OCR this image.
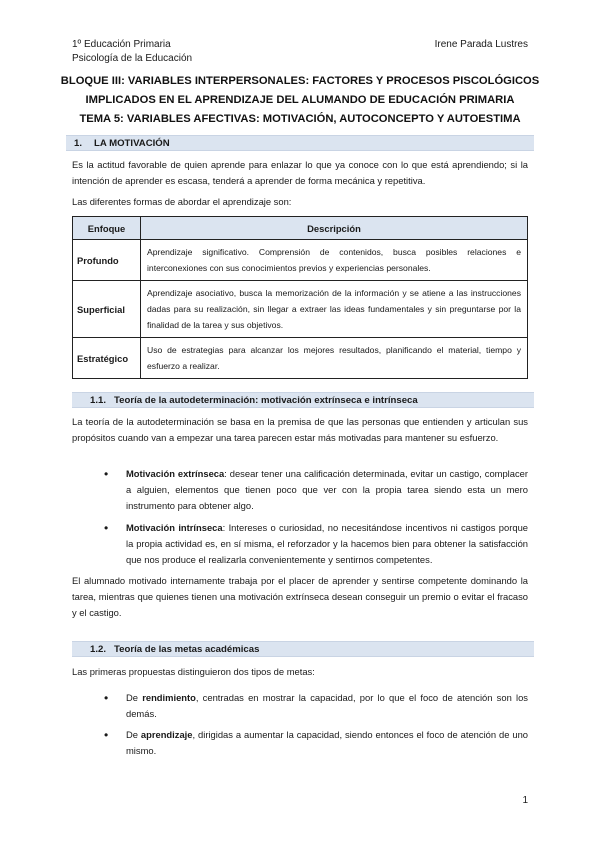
1º Educación Primaria
Psicología de la Educación
Irene Parada Lustres
BLOQUE III: VARIABLES INTERPERSONALES: FACTORES Y PROCESOS PISCOLÓGICOS
IMPLICADOS EN EL APRENDIZAJE DEL ALUMANDO DE EDUCACIÓN PRIMARIA
TEMA 5: VARIABLES AFECTIVAS: MOTIVACIÓN, AUTOCONCEPTO Y AUTOESTIMA
1. LA MOTIVACIÓN
Es la actitud favorable de quien aprende para enlazar lo que ya conoce con lo que está aprendiendo; si la intención de aprender es escasa, tenderá a aprender de forma mecánica y repetitiva.
Las diferentes formas de abordar el aprendizaje son:
Enfoque	Descripción
Profundo	Aprendizaje significativo. Comprensión de contenidos, busca posibles relaciones e interconexiones con sus conocimientos previos y experiencias personales.
Superficial	Aprendizaje asociativo, busca la memorización de la información y se atiene a las instrucciones dadas para su realización, sin llegar a extraer las ideas fundamentales y sin preguntarse por la finalidad de la tarea y sus objetivos.
Estratégico	Uso de estrategias para alcanzar los mejores resultados, planificando el material, tiempo y esfuerzo a realizar.
1.1. Teoría de la autodeterminación: motivación extrínseca e intrínseca
La teoría de la autodeterminación se basa en la premisa de que las personas que entienden y articulan sus propósitos cuando van a empezar una tarea parecen estar más motivadas para mantener su esfuerzo.
• Motivación extrínseca: desear tener una calificación determinada, evitar un castigo, complacer a alguien, elementos que tienen poco que ver con la propia tarea siendo esta un mero instrumento para obtener algo.
• Motivación intrínseca: Intereses o curiosidad, no necesitándose incentivos ni castigos porque la propia actividad es, en sí misma, el reforzador y la hacemos bien para obtener la satisfacción que nos produce el realizarla convenientemente y sentirnos competentes.
El alumnado motivado internamente trabaja por el placer de aprender y sentirse competente dominando la tarea, mientras que quienes tienen una motivación extrínseca desean conseguir un premio o evitar el fracaso y el castigo.
1.2. Teoría de las metas académicas
Las primeras propuestas distinguieron dos tipos de metas:
• De rendimiento, centradas en mostrar la capacidad, por lo que el foco de atención son los demás.
• De aprendizaje, dirigidas a aumentar la capacidad, siendo entonces el foco de atención de uno mismo.
1
